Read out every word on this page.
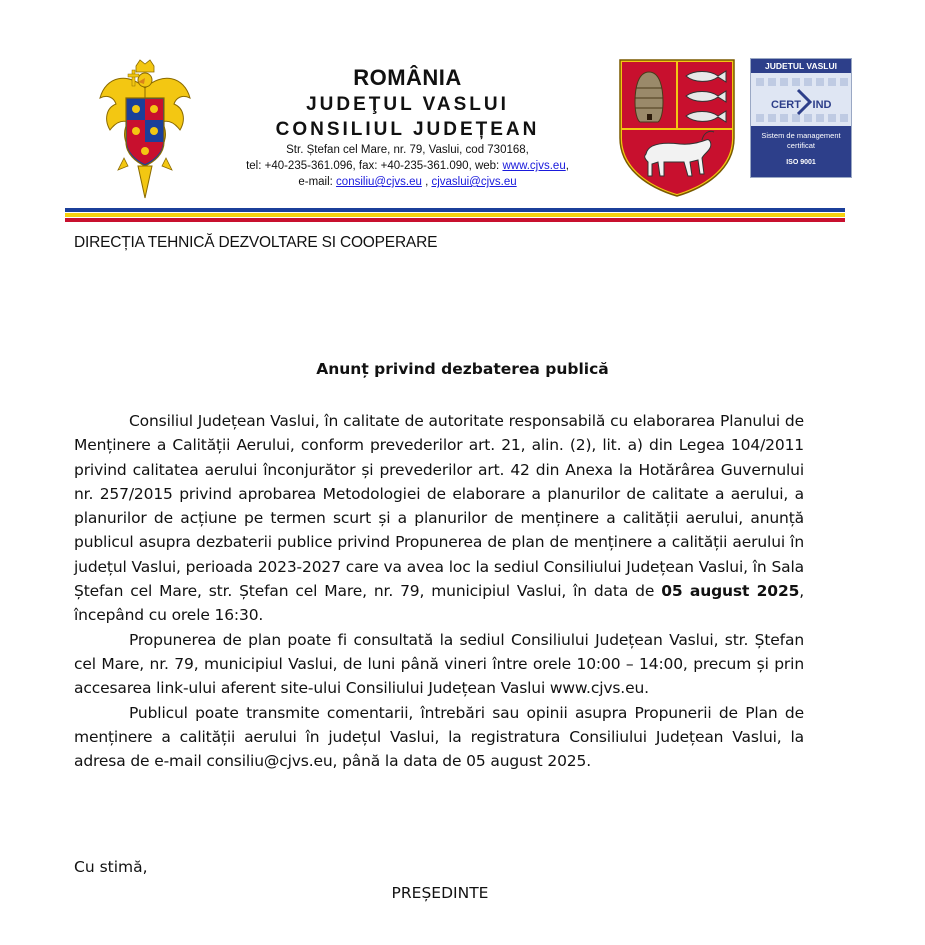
ROMÂNIA
JUDEŢUL VASLUI
CONSILIUL JUDEȚEAN
Str. Ștefan cel Mare, nr. 79, Vaslui, cod 730168,
tel: +40-235-361.096, fax: +40-235-361.090, web: www.cjvs.eu,
e-mail: consiliu@cjvs.eu , cjvaslui@cjvs.eu
JUDETUL VASLUI
CERT IND
Sistem de management
certificat
ISO 9001
DIRECȚIA TEHNICĂ DEZVOLTARE SI COOPERARE
Anunț privind dezbaterea publică

Consiliul Județean Vaslui, în calitate de autoritate responsabilă cu elaborarea Planului de Menținere a Calității Aerului, conform prevederilor art. 21, alin. (2), lit. a) din Legea 104/2011 privind calitatea aerului înconjurător și prevederilor art. 42 din Anexa la Hotărârea Guvernului nr. 257/2015 privind aprobarea Metodologiei de elaborare a planurilor de calitate a aerului, a planurilor de acțiune pe termen scurt și a planurilor de menținere a calității aerului, anunță publicul asupra dezbaterii publice privind Propunerea de plan de menținere a calității aerului în județul Vaslui, perioada 2023-2027 care va avea loc la sediul Consiliului Județean Vaslui, în Sala Ștefan cel Mare, str. Ștefan cel Mare, nr. 79, municipiul Vaslui, în data de 05 august 2025, începând cu orele 16:30.

Propunerea de plan poate fi consultată la sediul Consiliului Județean Vaslui, str. Ștefan cel Mare, nr. 79, municipiul Vaslui, de luni până vineri între orele 10:00 – 14:00, precum și prin accesarea link-ului aferent site-ului Consiliului Județean Vaslui www.cjvs.eu.

Publicul poate transmite comentarii, întrebări sau opinii asupra Propunerii de Plan de menținere a calității aerului în județul Vaslui, la registratura Consiliului Județean Vaslui, la adresa de e-mail consiliu@cjvs.eu, până la data de 05 august 2025.

Cu stimă,
PREȘEDINTE
